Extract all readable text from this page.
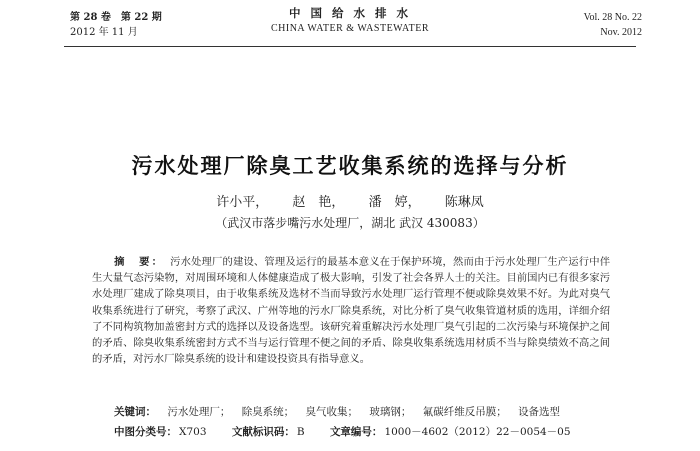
第 28 卷　第 22 期
2012 年 11 月
中 国 给 水 排 水
CHINA WATER & WASTEWATER
Vol. 28 No. 22
Nov. 2012
污水处理厂除臭工艺收集系统的选择与分析
许小平， 赵　艳， 潘　婷， 陈琳凤
（武汉市落步嘴污水处理厂，湖北 武汉 430083）
摘　要： 污水处理厂的建设、管理及运行的最基本意义在于保护环境，然而由于污水处理厂生产运行中伴生大量气态污染物，对周围环境和人体健康造成了极大影响，引发了社会各界人士的关注。目前国内已有很多家污水处理厂建成了除臭项目，由于收集系统及选材不当而导致污水处理厂运行管理不便或除臭效果不好。为此对臭气收集系统进行了研究，考察了武汉、广州等地的污水厂除臭系统，对比分析了臭气收集管道材质的选用，详细介绍了不同构筑物加盖密封方式的选择以及设备选型。该研究着重解决污水处理厂臭气引起的二次污染与环境保护之间的矛盾、除臭收集系统密封方式不当与运行管理不便之间的矛盾、除臭收集系统选用材质不当与除臭绩效不高之间的矛盾，对污水厂除臭系统的设计和建设投资具有指导意义。
关键词： 污水处理厂； 除臭系统； 臭气收集； 玻璃钢； 氟碳纤维反吊膜； 设备选型
中图分类号： X703 文献标识码： B 文章编号： 1000－4602（2012）22－0054－05
